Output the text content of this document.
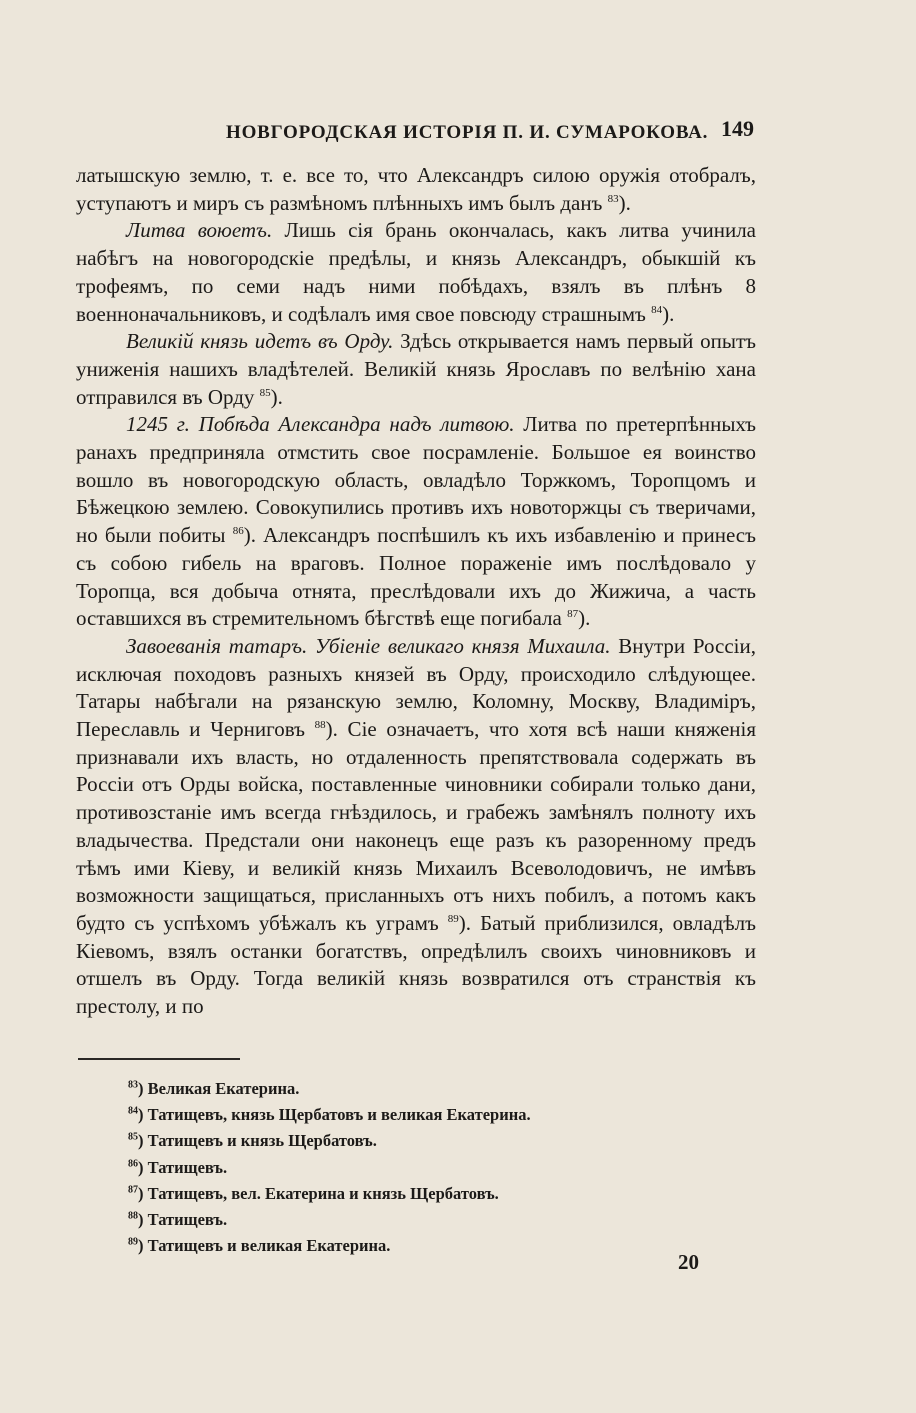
НОВГОРОДСКАЯ ИСТОРІЯ П. И. СУМАРОКОВА. 149

латышскую землю, т. е. все то, что Александръ силою оружія отобралъ, уступаютъ и миръ съ размѣномъ плѣнныхъ имъ былъ данъ $^{83}$).

Литва воюетъ. Лишь сія брань окончалась, какъ литва учинила набѣгъ на новогородскіе предѣлы, и князь Александръ, обыкшій къ трофеямъ, по семи надъ ними побѣдахъ, взялъ въ плѣнъ 8 военноначальниковъ, и содѣлалъ имя свое повсюду страшнымъ $^{84}$).

Великій князь идетъ въ Орду. Здѣсь открывается намъ первый опытъ униженія нашихъ владѣтелей. Великій князь Ярославъ по велѣнію хана отправился въ Орду $^{85}$).

1245 г. Побѣда Александра надъ литвою. Литва по претерпѣнныхъ ранахъ предприняла отмстить свое посрамленіе. Большое ея воинство вошло въ новогородскую область, овладѣло Торжкомъ, Торопцомъ и Бѣжецкою землею. Совокупились противъ ихъ новоторжцы съ тверичами, но были побиты $^{86}$). Александръ поспѣшилъ къ ихъ избавленію и принесъ съ собою гибель на враговъ. Полное пораженіе имъ послѣдовало у Торопца, вся добыча отнята, преслѣдовали ихъ до Жижича, а часть оставшихся въ стремительномъ бѣгствѣ еще погибала $^{87}$).

Завоеванія татаръ. Убіеніе великаго князя Михаила. Внутри Россіи, исключая походовъ разныхъ князей въ Орду, происходило слѣдующее. Татары набѣгали на рязанскую землю, Коломну, Москву, Владиміръ, Переславль и Черниговъ $^{88}$). Сіе означаетъ, что хотя всѣ наши княженія признавали ихъ власть, но отдаленность препятствовала содержать въ Россіи отъ Орды войска, поставленные чиновники собирали только дани, противозстаніе имъ всегда гнѣздилось, и грабежъ замѣнялъ полноту ихъ владычества. Предстали они наконецъ еще разъ къ разоренному предъ тѣмъ ими Кіеву, и великій князь Михаилъ Всеволодовичъ, не имѣвъ возможности защищаться, присланныхъ отъ нихъ побилъ, а потомъ какъ будто съ успѣхомъ убѣжалъ къ уграмъ $^{89}$). Батый приблизился, овладѣлъ Кіевомъ, взялъ останки богатствъ, опредѣлилъ своихъ чиновниковъ и отшелъ въ Орду. Тогда великій князь возвратился отъ странствія къ престолу, и по

$^{83}$) Великая Екатерина.
$^{84}$) Татищевъ, князь Щербатовъ и великая Екатерина.
$^{85}$) Татищевъ и князь Щербатовъ.
$^{86}$) Татищевъ.
$^{87}$) Татищевъ, вел. Екатерина и князь Щербатовъ.
$^{88}$) Татищевъ.
$^{89}$) Татищевъ и великая Екатерина.
20
